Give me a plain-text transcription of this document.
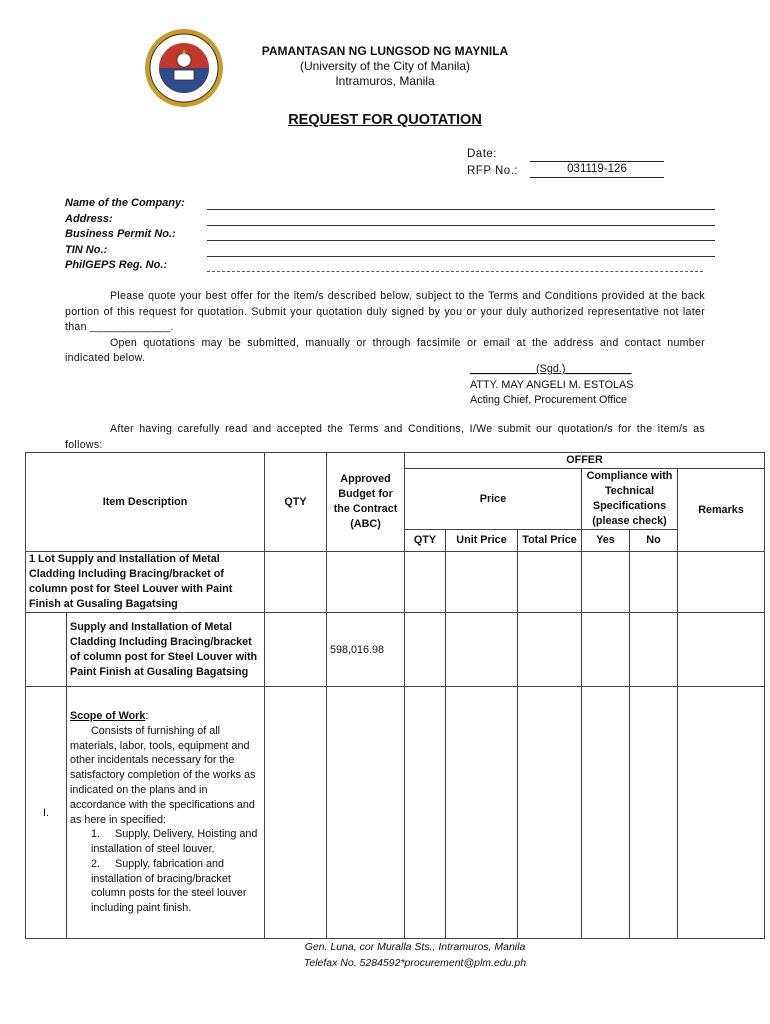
PAMANTASAN NG LUNGSOD NG MAYNILA
(University of the City of Manila)
Intramuros, Manila
REQUEST FOR QUOTATION
Date:
RFP No.:	031119-126
Name of the Company:
Address:
Business Permit No.:
TIN No.:
PhilGEPS Reg. No.:
Please quote your best offer for the item/s described below, subject to the Terms and Conditions provided at the back portion of this request for quotation. Submit your quotation duly signed by you or your duly authorized representative not later than _____________.
Open quotations may be submitted, manually or through facsimile or email at the address and contact number indicated below.
___________(Sgd.)___________
ATTY. MAY ANGELI M. ESTOLAS
Acting Chief, Procurement Office
After having carefully read and accepted the Terms and Conditions, I/We submit our quotation/s for the item/s as follows:
Item Description		QTY	Approved Budget for the Contract (ABC)	OFFER					
				Price			Compliance with Technical Specifications (please check)		Remarks
				QTY	Unit Price	Total Price	Yes	No	
1 Lot Supply and Installation of Metal Cladding Including Bracing/bracket of column post for Steel Louver with Paint Finish at Gusaling Bagatsing									
	Supply and Installation of Metal Cladding Including Bracing/bracket of column post for Steel Louver with Paint Finish at Gusaling Bagatsing		598,016.98						
I.	Scope of Work:
Consists of furnishing of all materials, labor, tools, equipment and other incidentals necessary for the satisfactory completion of the works as indicated on the plans and in accordance with the specifications and as here in specified:
1. Supply, Delivery, Hoisting and installation of steel louver.
2. Supply, fabrication and installation of bracing/bracket column posts for the steel louver including paint finish.								

Gen. Luna, cor Muralla Sts., Intramuros, Manila
Telefax No. 5284592*procurement@plm.edu.ph
